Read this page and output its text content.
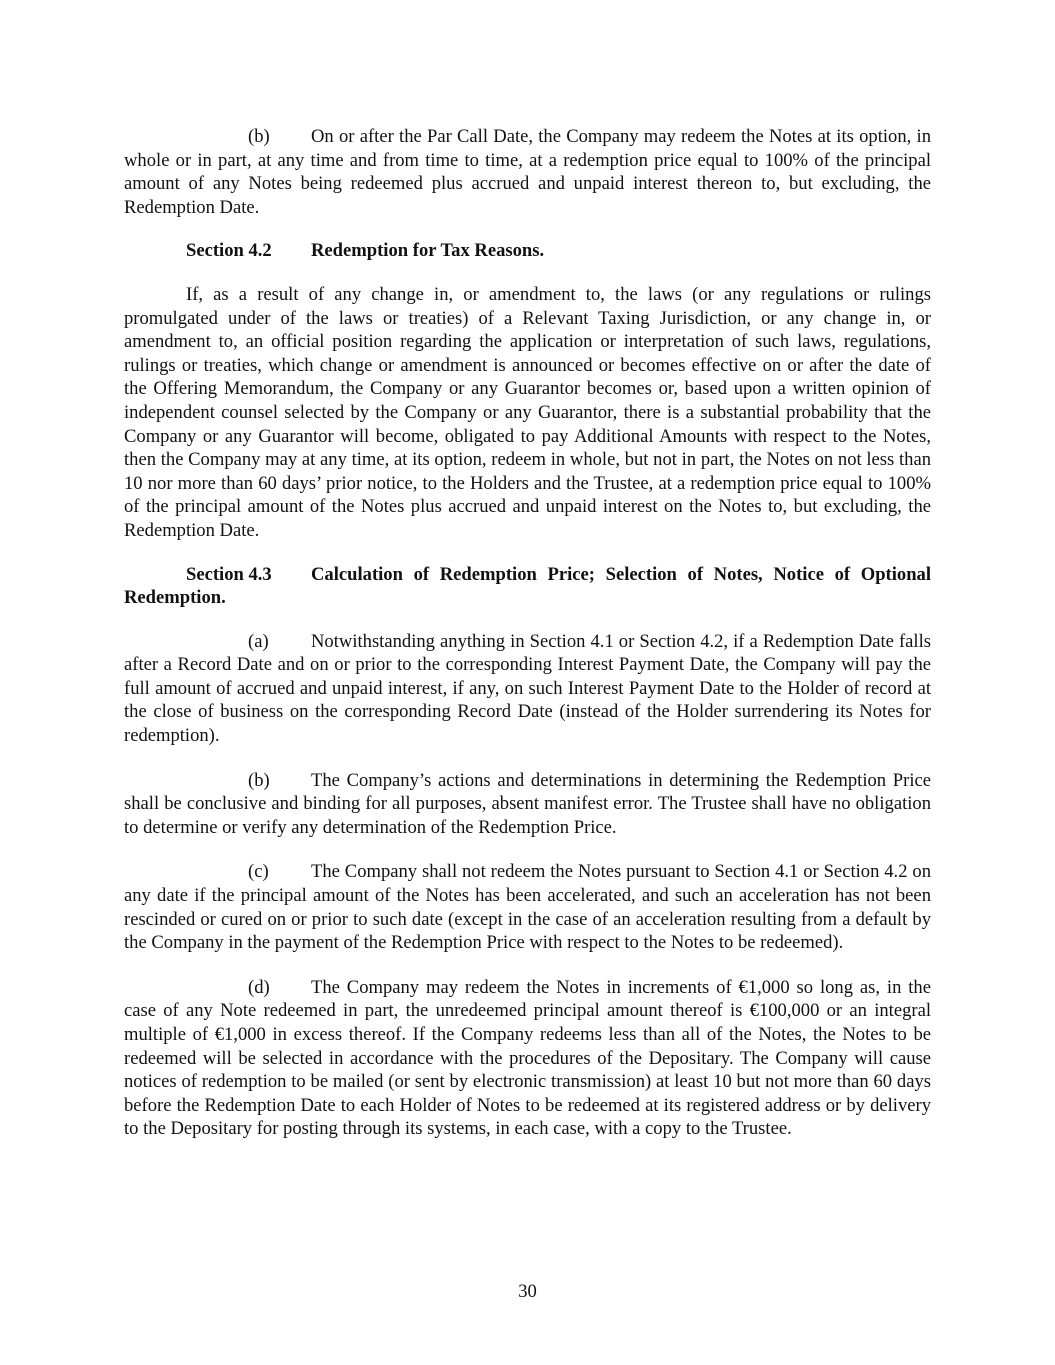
(b) On or after the Par Call Date, the Company may redeem the Notes at its option, in whole or in part, at any time and from time to time, at a redemption price equal to 100% of the principal amount of any Notes being redeemed plus accrued and unpaid interest thereon to, but excluding, the Redemption Date.

Section 4.2 Redemption for Tax Reasons.

If, as a result of any change in, or amendment to, the laws (or any regulations or rulings promulgated under of the laws or treaties) of a Relevant Taxing Jurisdiction, or any change in, or amendment to, an official position regarding the application or interpretation of such laws, regulations, rulings or treaties, which change or amendment is announced or becomes effective on or after the date of the Offering Memorandum, the Company or any Guarantor becomes or, based upon a written opinion of independent counsel selected by the Company or any Guarantor, there is a substantial probability that the Company or any Guarantor will become, obligated to pay Additional Amounts with respect to the Notes, then the Company may at any time, at its option, redeem in whole, but not in part, the Notes on not less than 10 nor more than 60 days’ prior notice, to the Holders and the Trustee, at a redemption price equal to 100% of the principal amount of the Notes plus accrued and unpaid interest on the Notes to, but excluding, the Redemption Date.

Section 4.3 Calculation of Redemption Price; Selection of Notes, Notice of Optional Redemption.

(a) Notwithstanding anything in Section 4.1 or Section 4.2, if a Redemption Date falls after a Record Date and on or prior to the corresponding Interest Payment Date, the Company will pay the full amount of accrued and unpaid interest, if any, on such Interest Payment Date to the Holder of record at the close of business on the corresponding Record Date (instead of the Holder surrendering its Notes for redemption).

(b) The Company’s actions and determinations in determining the Redemption Price shall be conclusive and binding for all purposes, absent manifest error. The Trustee shall have no obligation to determine or verify any determination of the Redemption Price.

(c) The Company shall not redeem the Notes pursuant to Section 4.1 or Section 4.2 on any date if the principal amount of the Notes has been accelerated, and such an acceleration has not been rescinded or cured on or prior to such date (except in the case of an acceleration resulting from a default by the Company in the payment of the Redemption Price with respect to the Notes to be redeemed).

(d) The Company may redeem the Notes in increments of €1,000 so long as, in the case of any Note redeemed in part, the unredeemed principal amount thereof is €100,000 or an integral multiple of €1,000 in excess thereof. If the Company redeems less than all of the Notes, the Notes to be redeemed will be selected in accordance with the procedures of the Depositary. The Company will cause notices of redemption to be mailed (or sent by electronic transmission) at least 10 but not more than 60 days before the Redemption Date to each Holder of Notes to be redeemed at its registered address or by delivery to the Depositary for posting through its systems, in each case, with a copy to the Trustee.

30
